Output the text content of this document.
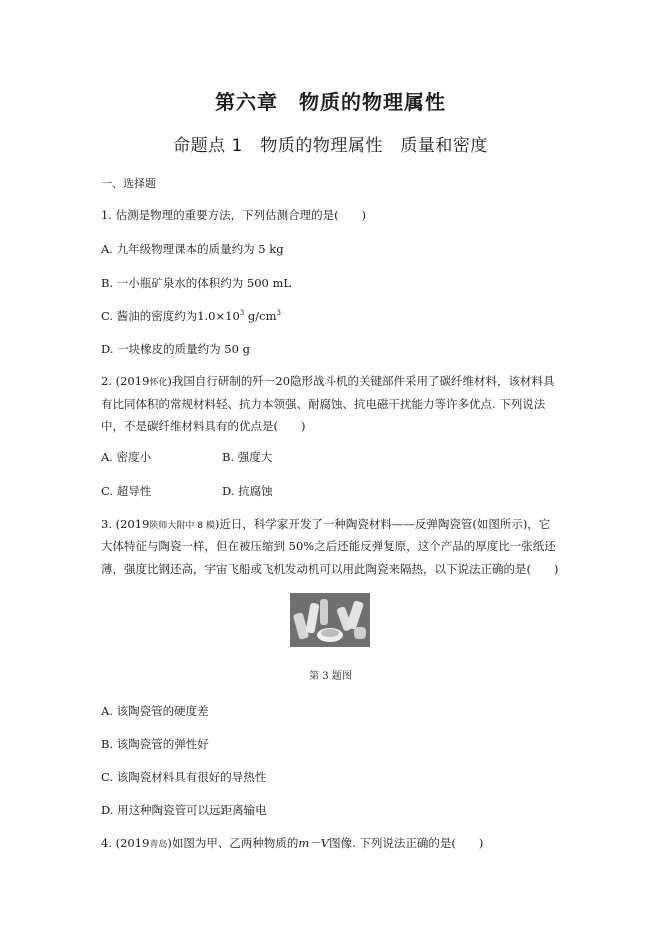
第六章　物质的物理属性
命题点 1　物质的物理属性　质量和密度
一、选择题
1. 估测是物理的重要方法，下列估测合理的是(　　)
A. 九年级物理课本的质量约为 5 kg
B. 一小瓶矿泉水的体积约为 500 mL
C. 酱油的密度约为$1.0\times 10^3$ $g/cm^3$
D. 一块橡皮的质量约为 50 g
2. (2019怀化)我国自行研制的歼－20隐形战斗机的关键部件采用了碳纤维材料，该材料具
有比同体积的常规材料轻、抗力本领强、耐腐蚀、抗电磁干扰能力等许多优点. 下列说法
中，不是碳纤维材料具有的优点是(　　)
A. 密度小	B. 强度大
C. 超导性	D. 抗腐蚀
3. (2019陕师大附中 8 模)近日，科学家开发了一种陶瓷材料——反弹陶瓷管(如图所示)，它
大体特征与陶瓷一样，但在被压缩到 50%之后还能反弹复原，这个产品的厚度比一张纸还
薄，强度比钢还高，宇宙飞船或飞机发动机可以用此陶瓷来隔热，以下说法正确的是(　　)
第 3 题图
A. 该陶瓷管的硬度差
B. 该陶瓷管的弹性好
C. 该陶瓷材料具有很好的导热性
D. 用这种陶瓷管可以远距离输电
4. (2019青岛)如图为甲、乙两种物质的m－V图像. 下列说法正确的是(　　)
